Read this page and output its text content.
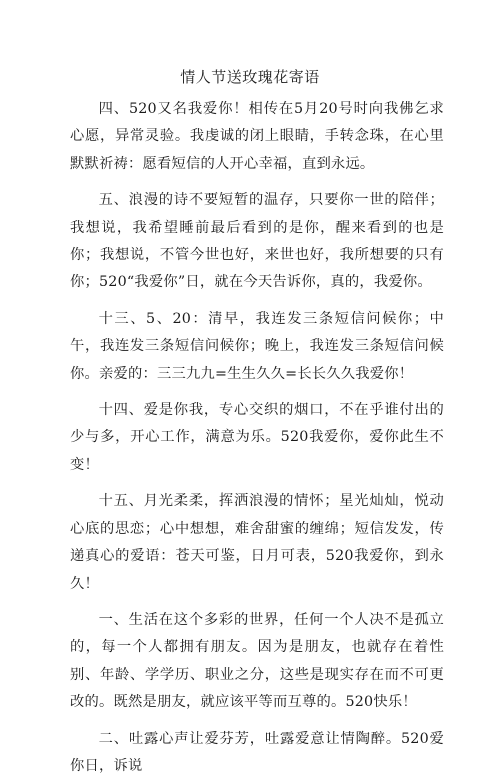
情人节送玫瑰花寄语

四、520又名我爱你！相传在5月20号时向我佛乞求心愿，异常灵验。我虔诚的闭上眼睛，手转念珠，在心里默默祈祷：愿看短信的人开心幸福，直到永远。

五、浪漫的诗不要短暂的温存，只要你一世的陪伴；我想说，我希望睡前最后看到的是你，醒来看到的也是你；我想说，不管今世也好，来世也好，我所想要的只有你；520“我爱你”日，就在今天告诉你，真的，我爱你。

十三、5、20：清早，我连发三条短信问候你；中午，我连发三条短信问候你；晚上，我连发三条短信问候你。亲爱的：三三九九=生生久久=长长久久我爱你！

十四、爱是你我，专心交织的烟口，不在乎谁付出的少与多，开心工作，满意为乐。520我爱你，爱你此生不变！

十五、月光柔柔，挥洒浪漫的情怀；星光灿灿，悦动心底的思恋；心中想想，难舍甜蜜的缠绵；短信发发，传递真心的爱语：苍天可鉴，日月可表，520我爱你，到永久！

一、生活在这个多彩的世界，任何一个人决不是孤立的，每一个人都拥有朋友。因为是朋友，也就存在着性别、年龄、学学历、职业之分，这些是现实存在而不可更改的。既然是朋友，就应该平等而互尊的。520快乐！

二、吐露心声让爱芬芳，吐露爱意让情陶醉。520爱你日，诉说
